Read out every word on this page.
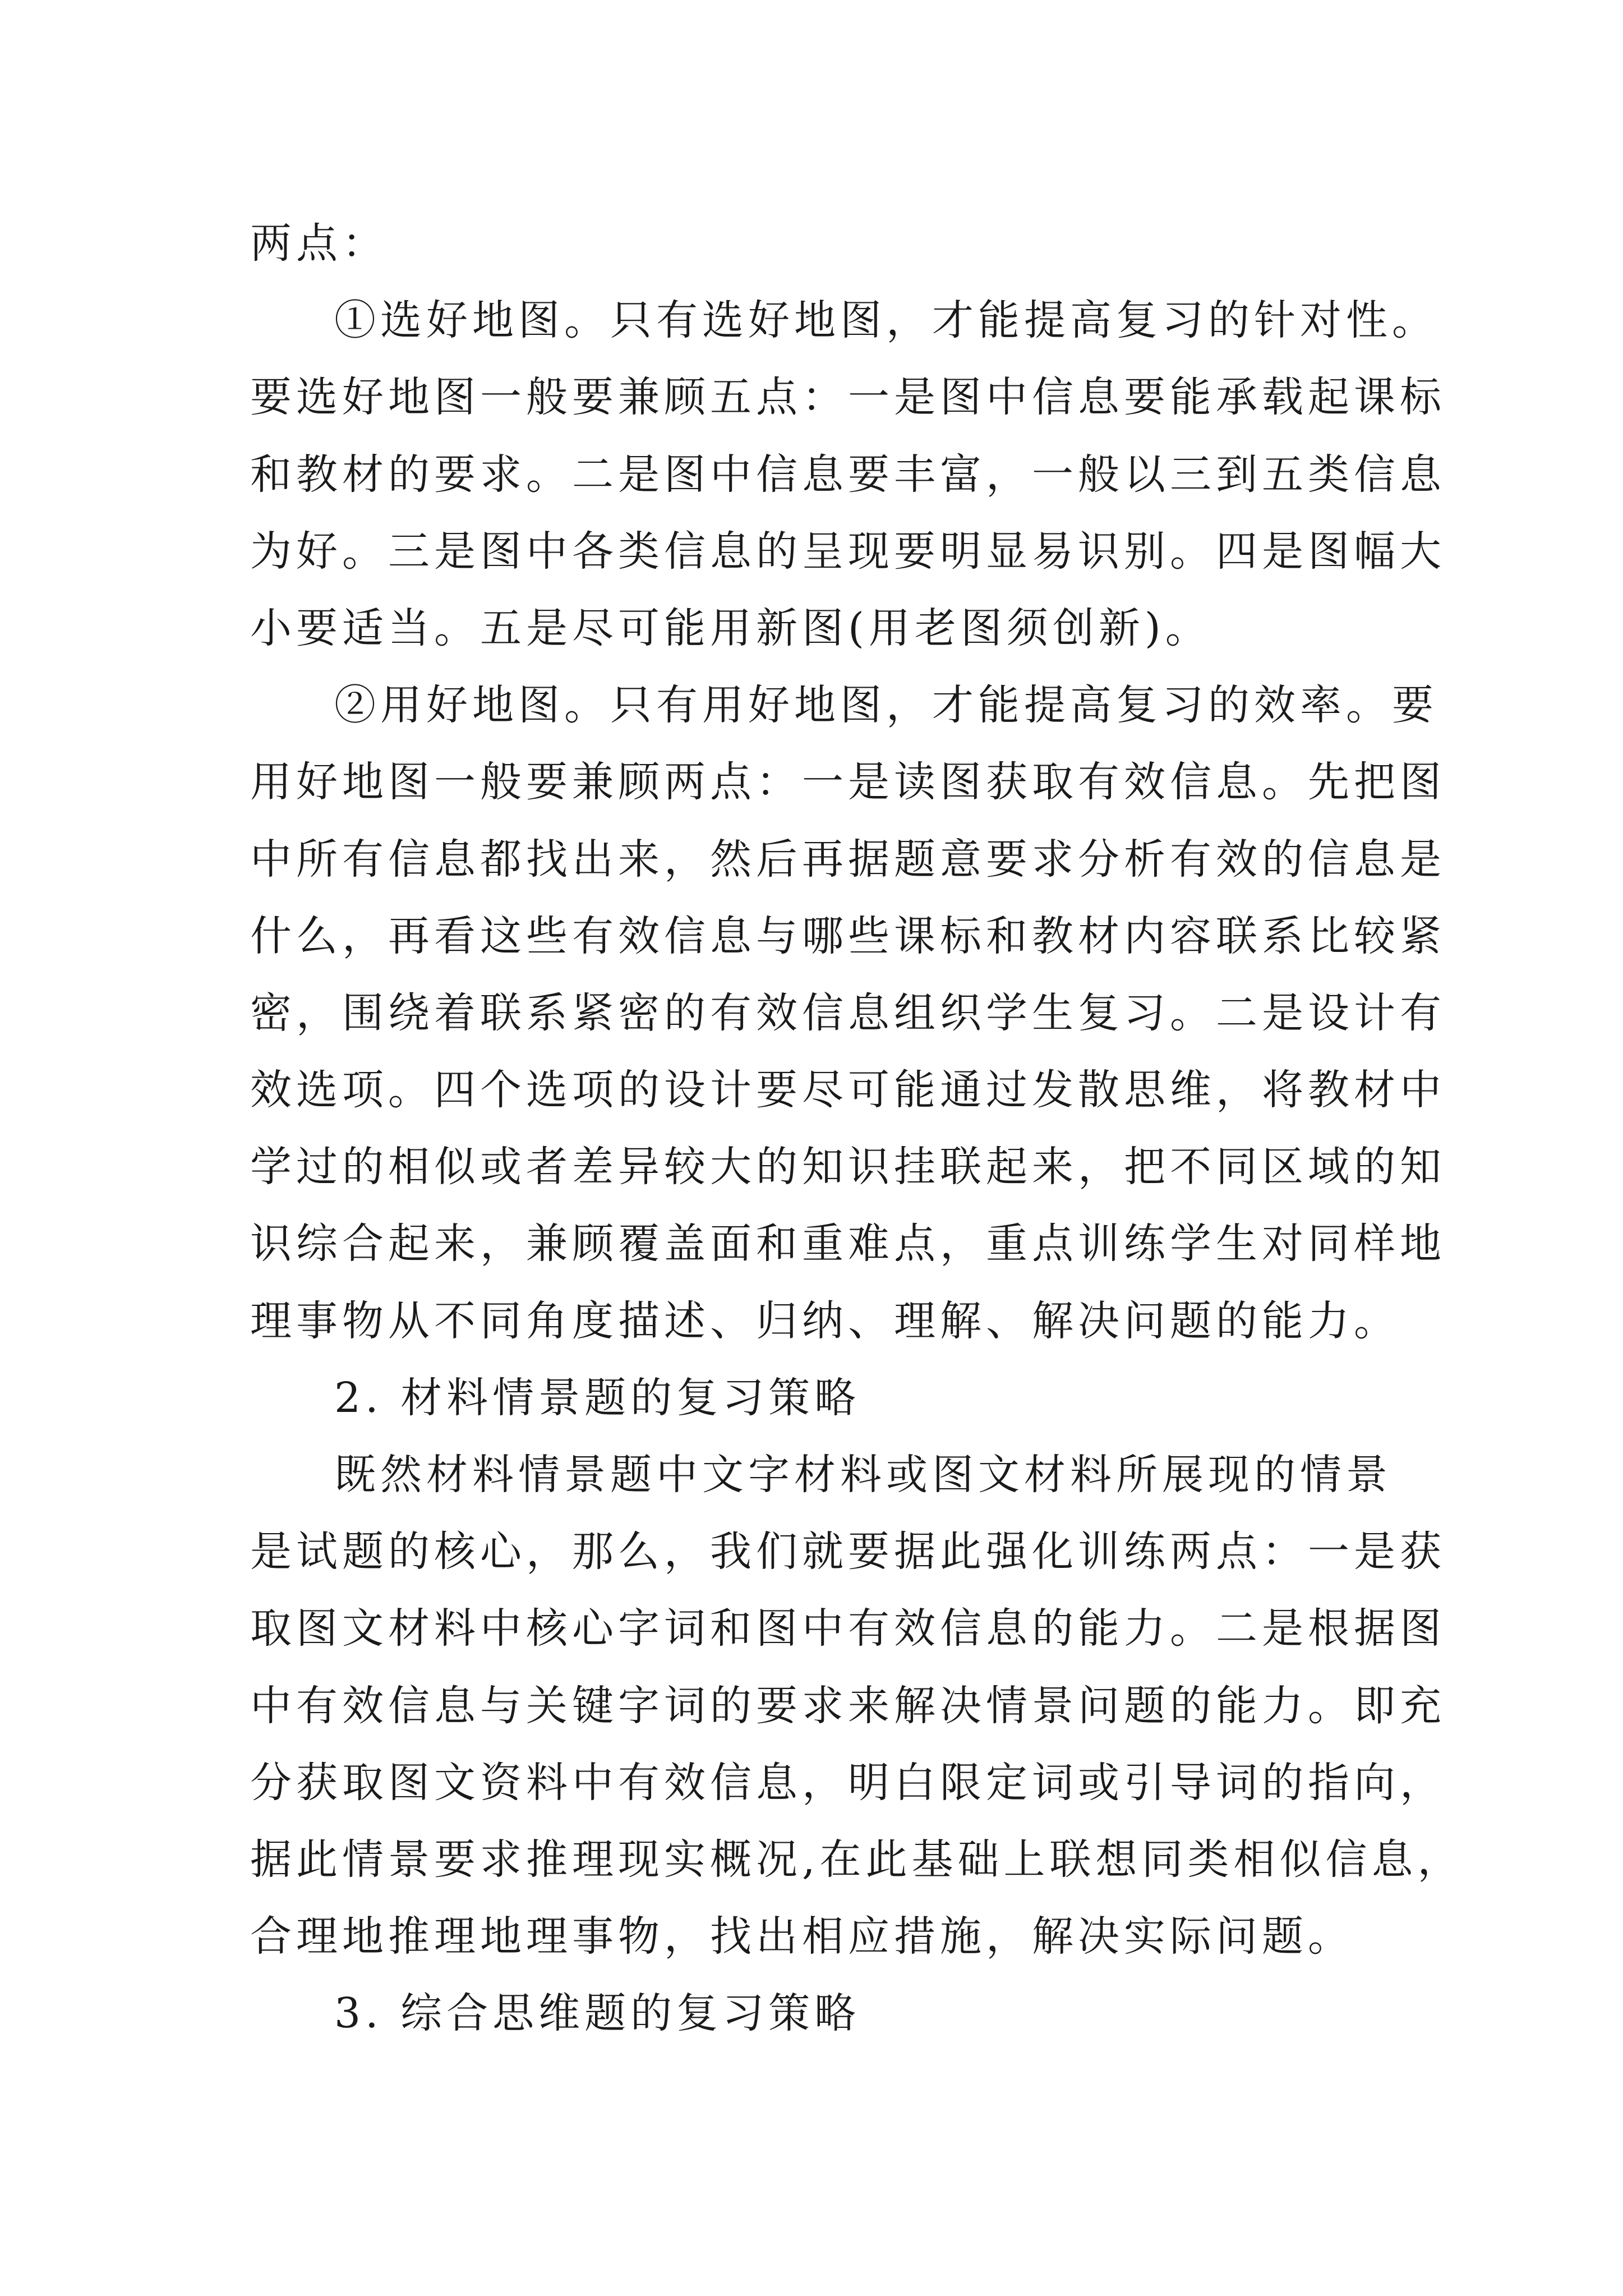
两点：
①选好地图。只有选好地图，才能提高复习的针对性。
要选好地图一般要兼顾五点：一是图中信息要能承载起课标
和教材的要求。二是图中信息要丰富，一般以三到五类信息
为好。三是图中各类信息的呈现要明显易识别。四是图幅大
小要适当。五是尽可能用新图(用老图须创新)。
②用好地图。只有用好地图，才能提高复习的效率。要
用好地图一般要兼顾两点：一是读图获取有效信息。先把图
中所有信息都找出来，然后再据题意要求分析有效的信息是
什么，再看这些有效信息与哪些课标和教材内容联系比较紧
密，围绕着联系紧密的有效信息组织学生复习。二是设计有
效选项。四个选项的设计要尽可能通过发散思维，将教材中
学过的相似或者差异较大的知识挂联起来，把不同区域的知
识综合起来，兼顾覆盖面和重难点，重点训练学生对同样地
理事物从不同角度描述、归纳、理解、解决问题的能力。
2. 材料情景题的复习策略
既然材料情景题中文字材料或图文材料所展现的情景
是试题的核心，那么，我们就要据此强化训练两点：一是获
取图文材料中核心字词和图中有效信息的能力。二是根据图
中有效信息与关键字词的要求来解决情景问题的能力。即充
分获取图文资料中有效信息，明白限定词或引导词的指向，
据此情景要求推理现实概况,在此基础上联想同类相似信息，
合理地推理地理事物，找出相应措施，解决实际问题。
3. 综合思维题的复习策略
